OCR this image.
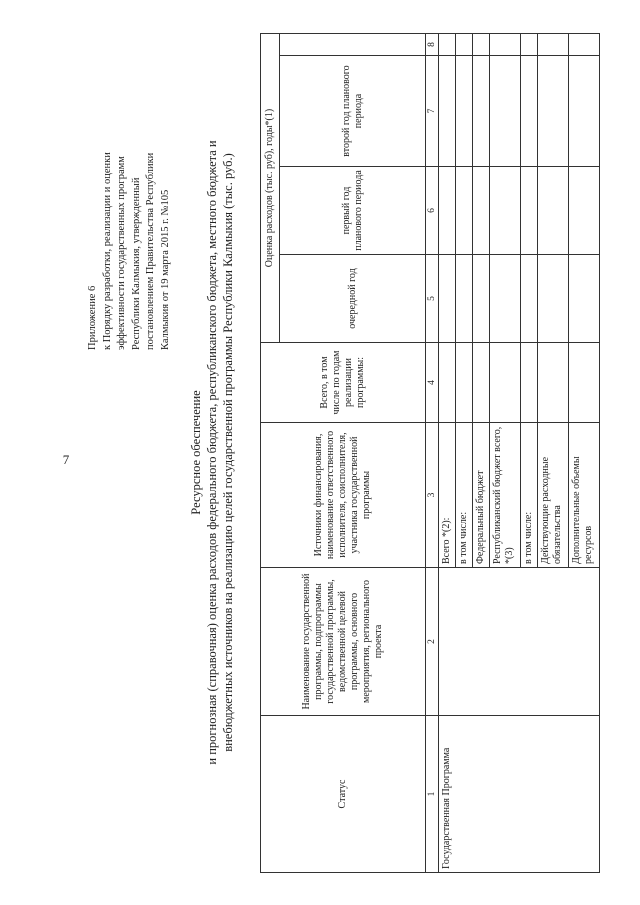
7
Приложение 6 к Порядку разработки, реализации и оценки эффективности государственных программ Республики Калмыкия, утвержденный постановлением Правительства Республики Калмыкия от 19 марта 2015 г. №105
Ресурсное обеспечение и прогнозная (справочная) оценка расходов федерального бюджета, республиканского бюджета, местного бюджета и внебюджетных источников на реализацию целей государственной программы Республики Калмыкия (тыс. руб.)
Статус	Наименование государственной программы, подпрограммы государственной программы, ведомственной целевой программы, основного мероприятия, регионального проекта	Источники финансирования, наименование ответственного исполнителя, соисполнителя, участника государственной программы	Всего, в том числе по годам реализации программы:	Оценка расходов (тыс. руб), годы*(1)			
				очередной год	первый год планового периода	второй год планового периода	
1	2	3	4	5	6	7	8
Государственная Программа		Всего *(2):					
		в том числе:					
		Федеральный бюджет					
		Республиканский бюджет всего, *(3)					
		в том числе:					
		Действующие расходные обязательства					
		Дополнительные объемы ресурсов					
